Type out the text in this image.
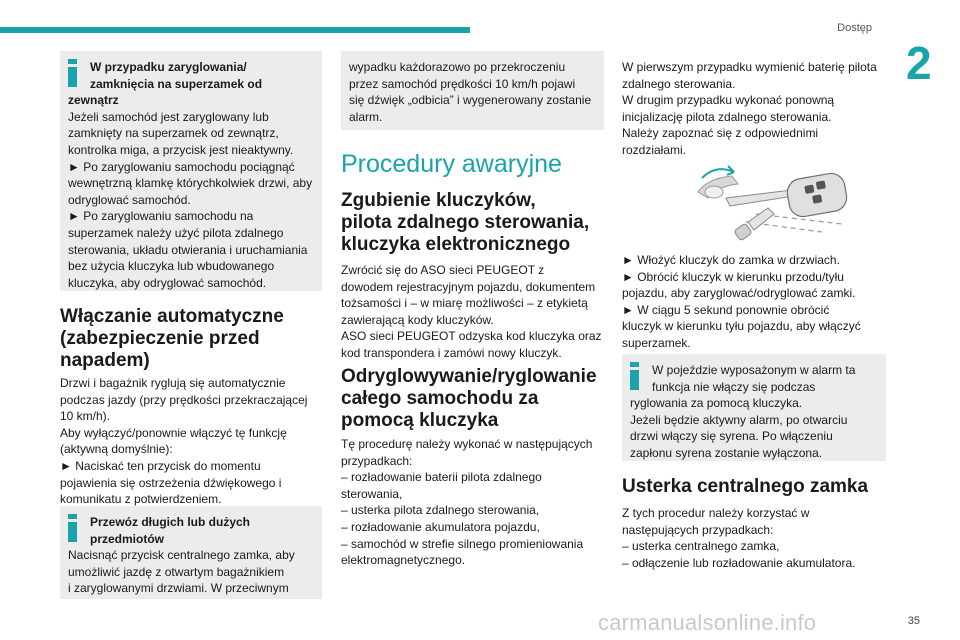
Dostęp
2

W przypadku zaryglowania/

zamknięcia na superzamek od

zewnątrz

Jeżeli samochód jest zaryglowany lub

zamknięty na superzamek od zewnątrz,

kontrolka miga, a przycisk jest nieaktywny.

► Po zaryglowaniu samochodu pociągnąć

wewnętrzną klamkę którychkolwiek drzwi, aby

odryglować samochód.

► Po zaryglowaniu samochodu na

superzamek należy użyć pilota zdalnego

sterowania, układu otwierania i uruchamiania

bez użycia kluczyka lub wbudowanego

kluczyka, aby odryglować samochód.

Włączanie automatyczne
(zabezpieczenie przed
napadem)

Drzwi i bagażnik ryglują się automatycznie

podczas jazdy (przy prędkości przekraczającej

10 km/h).

Aby wyłączyć/ponownie włączyć tę funkcję

(aktywną domyślnie):

► Naciskać ten przycisk do momentu

pojawienia się ostrzeżenia dźwiękowego i

komunikatu z potwierdzeniem.

Przewóz długich lub dużych

przedmiotów

Nacisnąć przycisk centralnego zamka, aby

umożliwić jazdę z otwartym bagażnikiem

i zaryglowanymi drzwiami. W przeciwnym

wypadku każdorazowo po przekroczeniu

przez samochód prędkości 10 km/h pojawi

się dźwięk „odbicia” i wygenerowany zostanie

alarm.

Procedury awaryjne
Zgubienie kluczyków,
pilota zdalnego sterowania,
kluczyka elektronicznego

Zwrócić się do ASO sieci PEUGEOT z

dowodem rejestracyjnym pojazdu, dokumentem

tożsamości i – w miarę możliwości – z etykietą

zawierającą kody kluczyków.

ASO sieci PEUGEOT odzyska kod kluczyka oraz

kod transpondera i zamówi nowy kluczyk.

Odryglowywanie/ryglowanie
całego samochodu za
pomocą kluczyka

Tę procedurę należy wykonać w następujących

przypadkach:

– rozładowanie baterii pilota zdalnego

sterowania,

– usterka pilota zdalnego sterowania,

– rozładowanie akumulatora pojazdu,

– samochód w strefie silnego promieniowania

elektromagnetycznego.

W pierwszym przypadku wymienić baterię pilota

zdalnego sterowania.

W drugim przypadku wykonać ponowną

inicjalizację pilota zdalnego sterowania.

Należy zapoznać się z odpowiednimi

rozdziałami.

► Włożyć kluczyk do zamka w drzwiach.

► Obrócić kluczyk w kierunku przodu/tyłu

pojazdu, aby zaryglować/odryglować zamki.

► W ciągu 5 sekund ponownie obrócić

kluczyk w kierunku tyłu pojazdu, aby włączyć

superzamek.

W pojeździe wyposażonym w alarm ta

funkcja nie włączy się podczas

ryglowania za pomocą kluczyka.

Jeżeli będzie aktywny alarm, po otwarciu

drzwi włączy się syrena. Po włączeniu

zapłonu syrena zostanie wyłączona.

Usterka centralnego zamka

Z tych procedur należy korzystać w

następujących przypadkach:

– usterka centralnego zamka,

– odłączenie lub rozładowanie akumulatora.

carmanualsonline.info	35
